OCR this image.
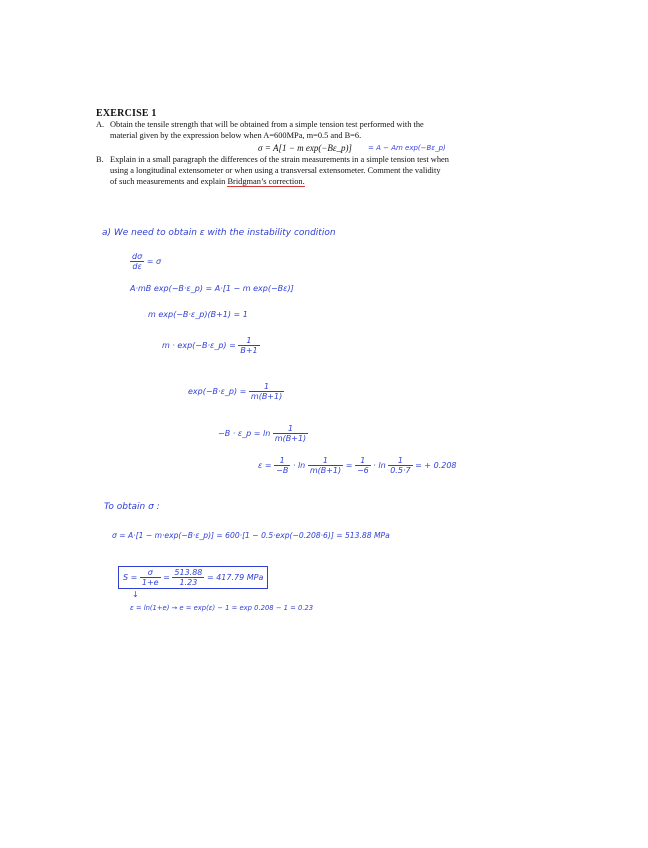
EXERCISE 1
A. Obtain the tensile strength that will be obtained from a simple tension test performed with the
material given by the expression below when A=600MPa, m=0.5 and B=6.
σ = A[1 − m exp(−Bε_p)] = A − Am exp(−Bε_p)
B. Explain in a small paragraph the differences of the strain measurements in a simple tension test when
using a longitudinal extensometer or when using a transversal extensometer. Comment the validity
of such measurements and explain Bridgman’s correction.
a) We need to obtain ε with the instability condition
$\frac{d\sigma}{d\varepsilon} = \sigma$
A·mB exp(−B·ε_p) = A·[1 − m exp(−Bε)]
m exp(−B·ε_p)(B+1) = 1
m · exp(−B·ε_p) = $\frac{1}{B+1}$
exp(−B·ε_p) = $\frac{1}{m(B+1)}$
−B · ε_p = $\ln \frac{1}{m(B+1)}$
$\varepsilon = \frac{1}{-B} \cdot \ln \frac{1}{m(B+1)} = \frac{1}{-6} \cdot \ln \frac{1}{0.5\cdot 7}$ = + 0.208
To obtain σ :
σ = A·[1 − m·exp(−B·ε_p)] = 600·[1 − 0.5·exp(−0.208·6)] = 513.88 MPa
$S = \frac{\sigma}{1+e} = \frac{513.88}{1.23} = 417.79$ MPa
↓
ε = ln(1+e) → e = exp(ε) − 1 = exp 0.208 − 1 = 0.23
